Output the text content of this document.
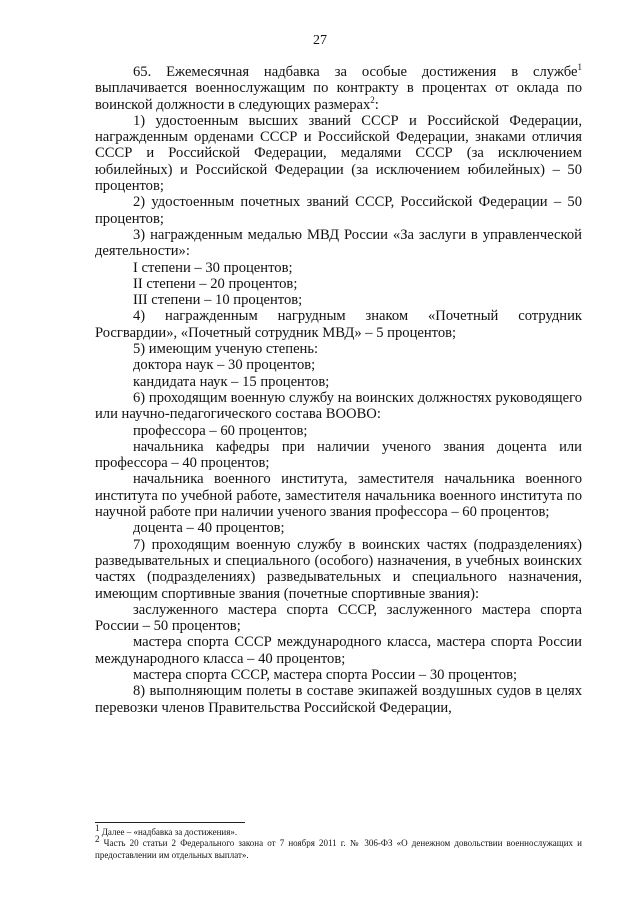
27

65. Ежемесячная надбавка за особые достижения в службе$^1$ выплачивается военнослужащим по контракту в процентах от оклада по воинской должности в следующих размерах$^2$:

1) удостоенным высших званий СССР и Российской Федерации, награжденным орденами СССР и Российской Федерации, знаками отличия СССР и Российской Федерации, медалями СССР (за исключением юбилейных) и Российской Федерации (за исключением юбилейных) – 50 процентов;

2) удостоенным почетных званий СССР, Российской Федерации – 50 процентов;

3) награжденным медалью МВД России «За заслуги в управленческой деятельности»:

I степени – 30 процентов;

II степени – 20 процентов;

III степени – 10 процентов;

4) награжденным нагрудным знаком «Почетный сотрудник Росгвардии», «Почетный сотрудник МВД» – 5 процентов;

5) имеющим ученую степень:

доктора наук – 30 процентов;

кандидата наук – 15 процентов;

6) проходящим военную службу на воинских должностях руководящего или научно-педагогического состава ВООВО:

профессора – 60 процентов;

начальника кафедры при наличии ученого звания доцента или профессора – 40 процентов;

начальника военного института, заместителя начальника военного института по учебной работе, заместителя начальника военного института по научной работе при наличии ученого звания профессора – 60 процентов;

доцента – 40 процентов;

7) проходящим военную службу в воинских частях (подразделениях) разведывательных и специального (особого) назначения, в учебных воинских частях (подразделениях) разведывательных и специального назначения, имеющим спортивные звания (почетные спортивные звания):

заслуженного мастера спорта СССР, заслуженного мастера спорта России – 50 процентов;

мастера спорта СССР международного класса, мастера спорта России международного класса – 40 процентов;

мастера спорта СССР, мастера спорта России – 30 процентов;

8) выполняющим полеты в составе экипажей воздушных судов в целях перевозки членов Правительства Российской Федерации,

$^1$ Далее – «надбавка за достижения».

$^2$ Часть 20 статьи 2 Федерального закона от 7 ноября 2011 г. № 306-ФЗ «О денежном довольствии военнослужащих и предоставлении им отдельных выплат».
